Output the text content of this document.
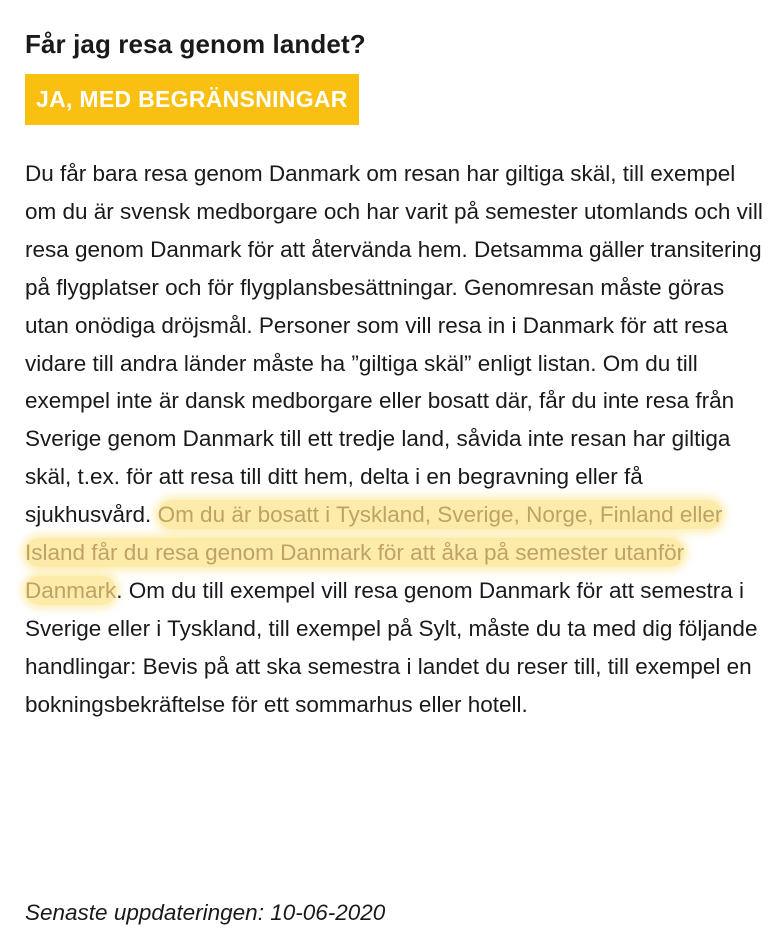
Får jag resa genom landet?
JA, MED BEGRÄNSNINGAR

Du får bara resa genom Danmark om resan har giltiga skäl, till exempel om du är svensk medborgare och har varit på semester utomlands och vill resa genom Danmark för att återvända hem. Detsamma gäller transitering på flygplatser och för flygplansbesättningar. Genomresan måste göras utan onödiga dröjsmål. Personer som vill resa in i Danmark för att resa vidare till andra länder måste ha ”giltiga skäl” enligt listan. Om du till exempel inte är dansk medborgare eller bosatt där, får du inte resa från Sverige genom Danmark till ett tredje land, såvida inte resan har giltiga skäl, t.ex. för att resa till ditt hem, delta i en begravning eller få sjukhusvård. Om du är bosatt i Tyskland, Sverige, Norge, Finland eller Island får du resa genom Danmark för att åka på semester utanför Danmark. Om du till exempel vill resa genom Danmark för att semestra i Sverige eller i Tyskland, till exempel på Sylt, måste du ta med dig följande handlingar: Bevis på att ska semestra i landet du reser till, till exempel en bokningsbekräftelse för ett sommarhus eller hotell.

Senaste uppdateringen: 10-06-2020
